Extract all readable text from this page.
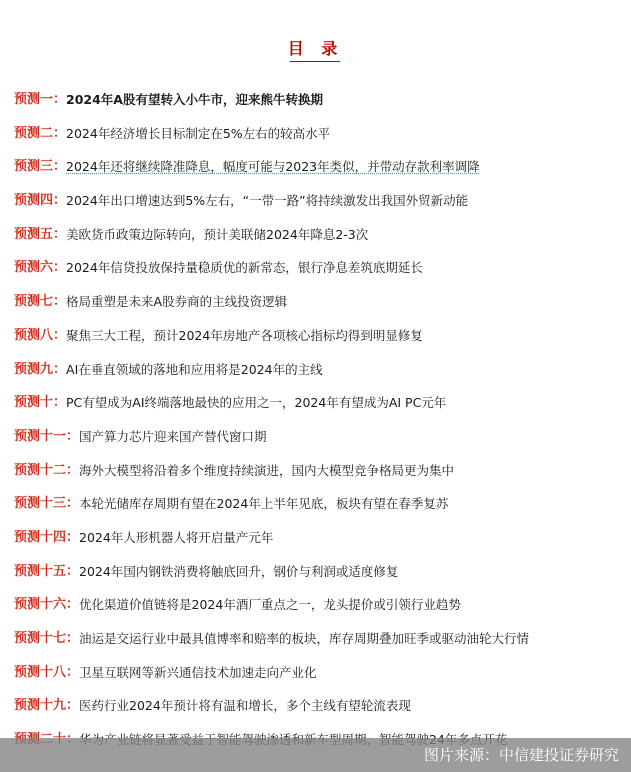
目 录
预测一： 2024年A股有望转入小牛市，迎来熊牛转换期
预测二： 2024年经济增长目标制定在5%左右的较高水平
预测三： 2024年还将继续降准降息，幅度可能与2023年类似，并带动存款利率调降
预测四： 2024年出口增速达到5%左右，“一带一路”将持续激发出我国外贸新动能
预测五： 美欧货币政策边际转向，预计美联储2024年降息2-3次
预测六： 2024年信贷投放保持量稳质优的新常态，银行净息差筑底期延长
预测七： 格局重塑是未来A股券商的主线投资逻辑
预测八： 聚焦三大工程，预计2024年房地产各项核心指标均得到明显修复
预测九： AI在垂直领域的落地和应用将是2024年的主线
预测十： PC有望成为AI终端落地最快的应用之一，2024年有望成为AI PC元年
预测十一： 国产算力芯片迎来国产替代窗口期
预测十二： 海外大模型将沿着多个维度持续演进，国内大模型竞争格局更为集中
预测十三： 本轮光储库存周期有望在2024年上半年见底，板块有望在春季复苏
预测十四： 2024年人形机器人将开启量产元年
预测十五： 2024年国内钢铁消费将触底回升，钢价与利润或适度修复
预测十六： 优化渠道价值链将是2024年酒厂重点之一，龙头提价或引领行业趋势
预测十七： 油运是交运行业中最具值博率和赔率的板块，库存周期叠加旺季或驱动油轮大行情
预测十八： 卫星互联网等新兴通信技术加速走向产业化
预测十九： 医药行业2024年预计将有温和增长，多个主线有望轮流表现
图片来源：中信建投证券研究
